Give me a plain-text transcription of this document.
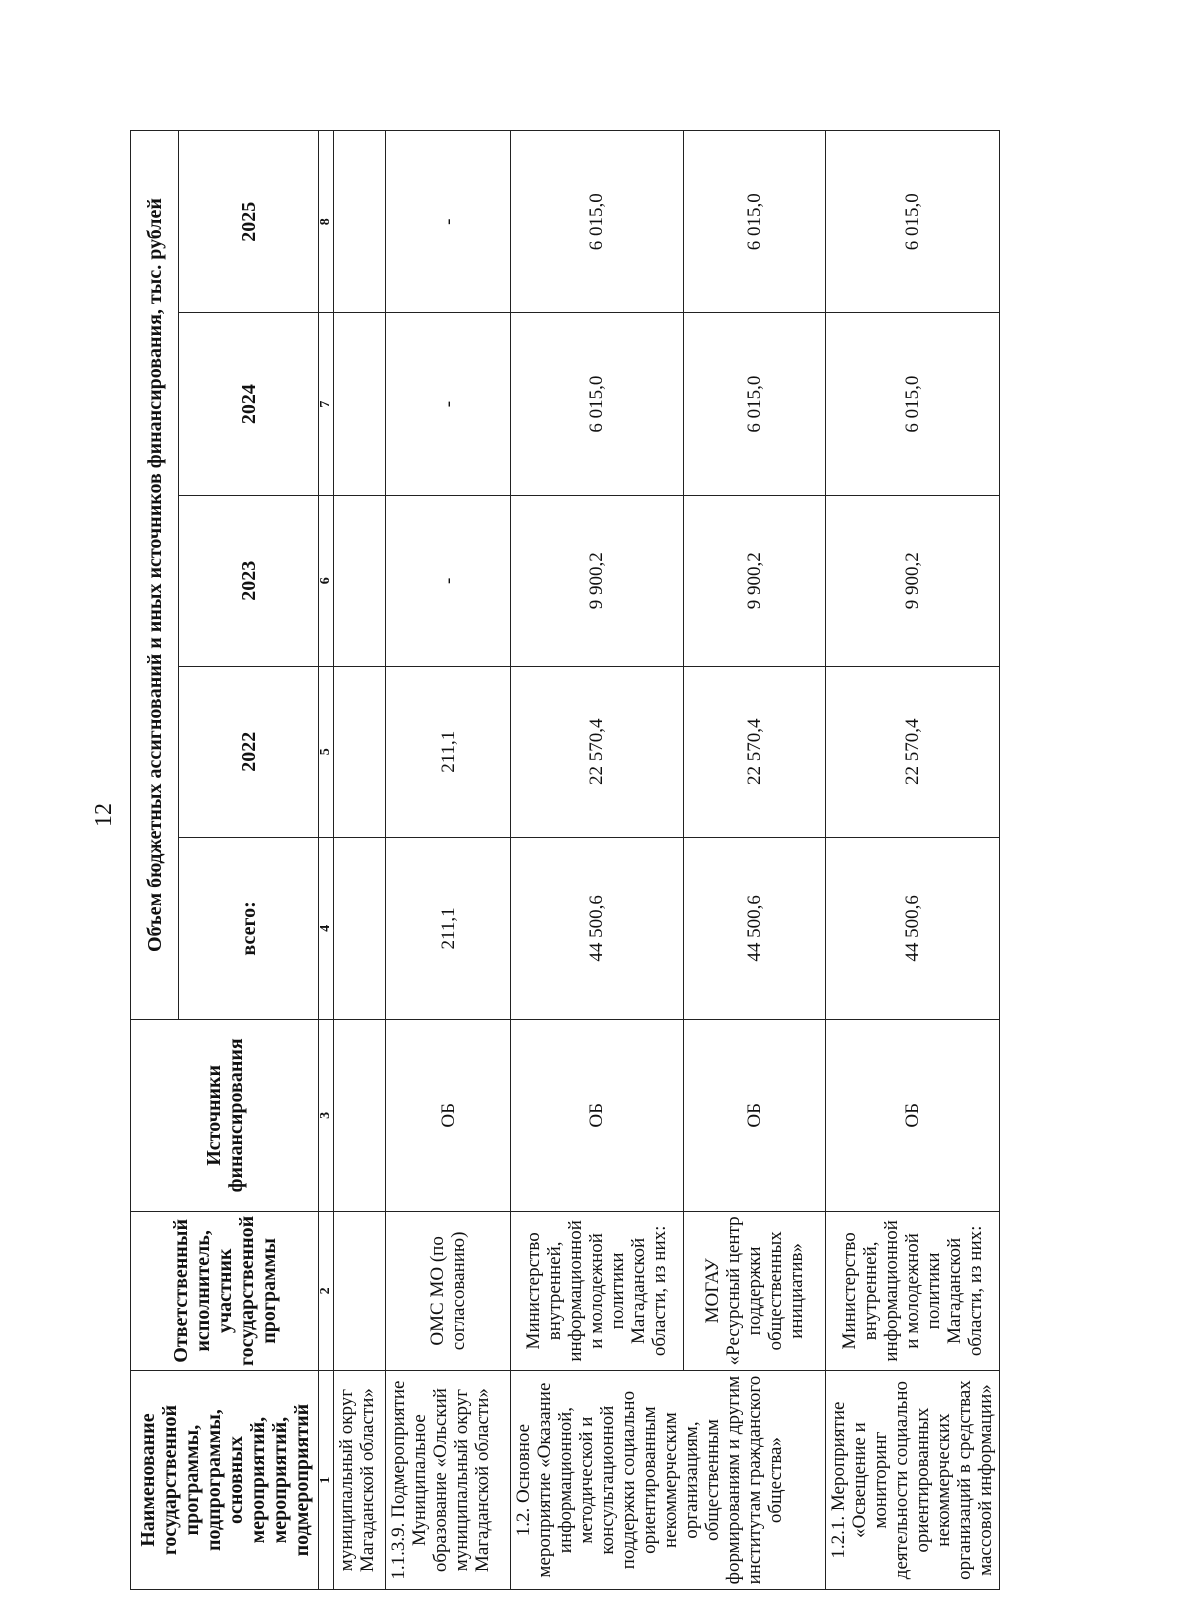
12
Наименование государственной программы, подпрограммы, основных мероприятий, мероприятий, подмероприятий	Ответственный исполнитель, участник государственной программы	Источники финансирования	Объем бюджетных ассигнований и иных источников финансирования, тыс. рублей				
			всего:	2022	2023	2024	2025
1	2	3	4	5	6	7	8
муниципальный округ Магаданской области»							
1.1.3.9. Подмероприятие Муниципальное образование «Ольский муниципальный округ Магаданской области»	ОМС МО (по согласованию)	ОБ	211,1	211,1	-	-	-
1.2. Основное мероприятие «Оказание информационной, методической и консультационной поддержки социально ориентированным некоммерческим организациям, общественным формированиям и другим институтам гражданского общества»	Министерство внутренней, информационной и молодежной политики Магаданской области, из них:	ОБ	44 500,6	22 570,4	9 900,2	6 015,0	6 015,0
	МОГАУ «Ресурсный центр поддержки общественных инициатив»	ОБ	44 500,6	22 570,4	9 900,2	6 015,0	6 015,0
1.2.1. Мероприятие «Освещение и мониторинг деятельности социально ориентированных некоммерческих организаций в средствах массовой информации»	Министерство внутренней, информационной и молодежной политики Магаданской области, из них:	ОБ	44 500,6	22 570,4	9 900,2	6 015,0	6 015,0
